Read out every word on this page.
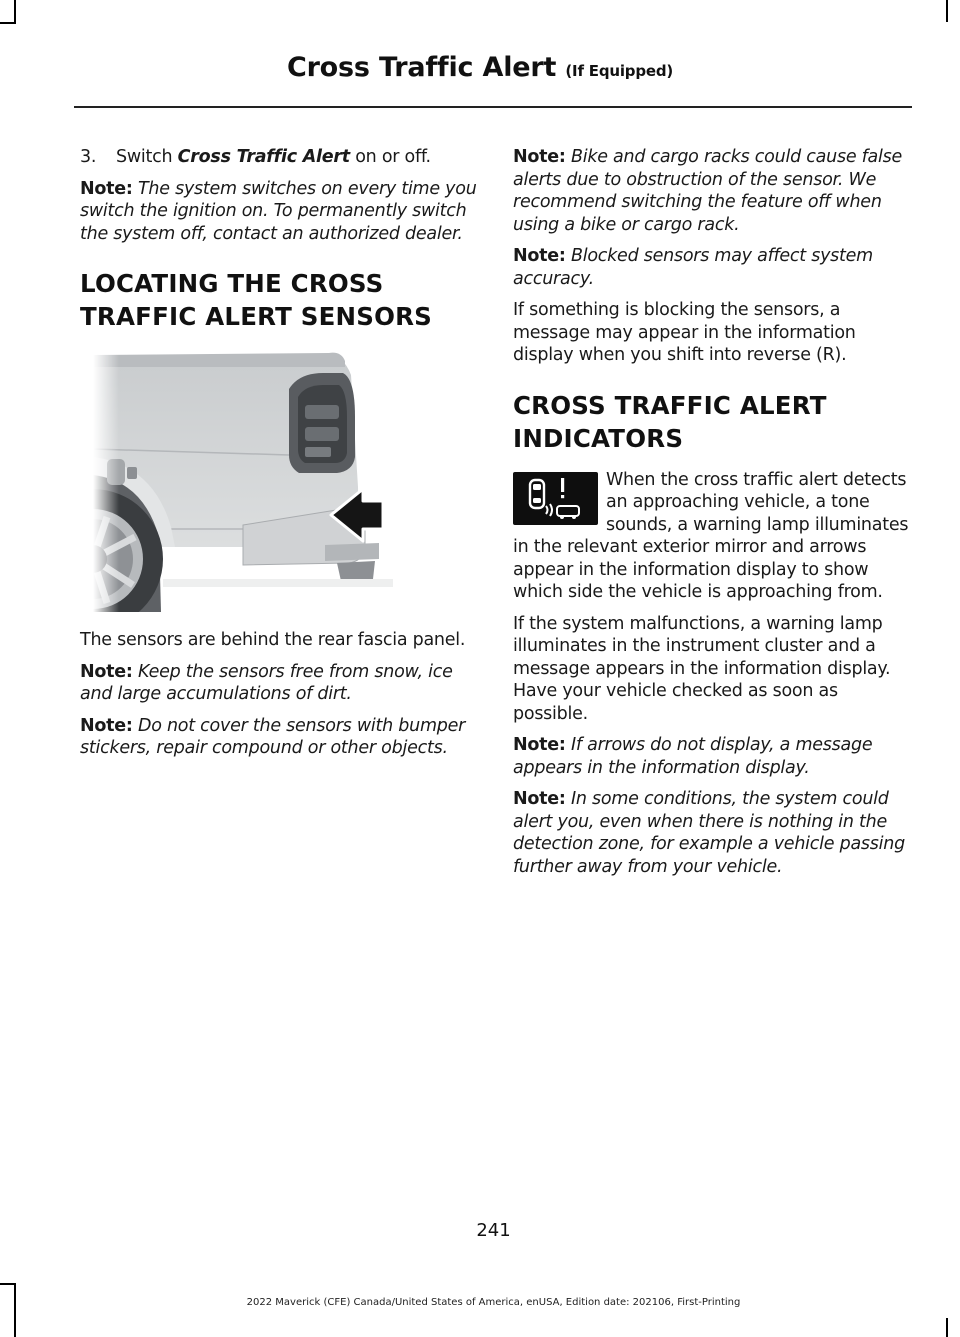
Cross Traffic Alert (If Equipped)

3. Switch Cross Traffic Alert on or off.

Note: The system switches on every time you switch the ignition on. To permanently switch the system off, contact an authorized dealer.

LOCATING THE CROSS TRAFFIC ALERT SENSORS

The sensors are behind the rear fascia panel.

Note: Keep the sensors free from snow, ice and large accumulations of dirt.

Note: Do not cover the sensors with bumper stickers, repair compound or other objects.

Note: Bike and cargo racks could cause false alerts due to obstruction of the sensor. We recommend switching the feature off when using a bike or cargo rack.

Note: Blocked sensors may affect system accuracy.

If something is blocking the sensors, a message may appear in the information display when you shift into reverse (R).

CROSS TRAFFIC ALERT INDICATORS

When the cross traffic alert detects an approaching vehicle, a tone sounds, a warning lamp illuminates in the relevant exterior mirror and arrows appear in the information display to show which side the vehicle is approaching from.

If the system malfunctions, a warning lamp illuminates in the instrument cluster and a message appears in the information display. Have your vehicle checked as soon as possible.

Note: If arrows do not display, a message appears in the information display.

Note: In some conditions, the system could alert you, even when there is nothing in the detection zone, for example a vehicle passing further away from your vehicle.

241
2022 Maverick (CFE) Canada/United States of America, enUSA, Edition date: 202106, First-Printing
